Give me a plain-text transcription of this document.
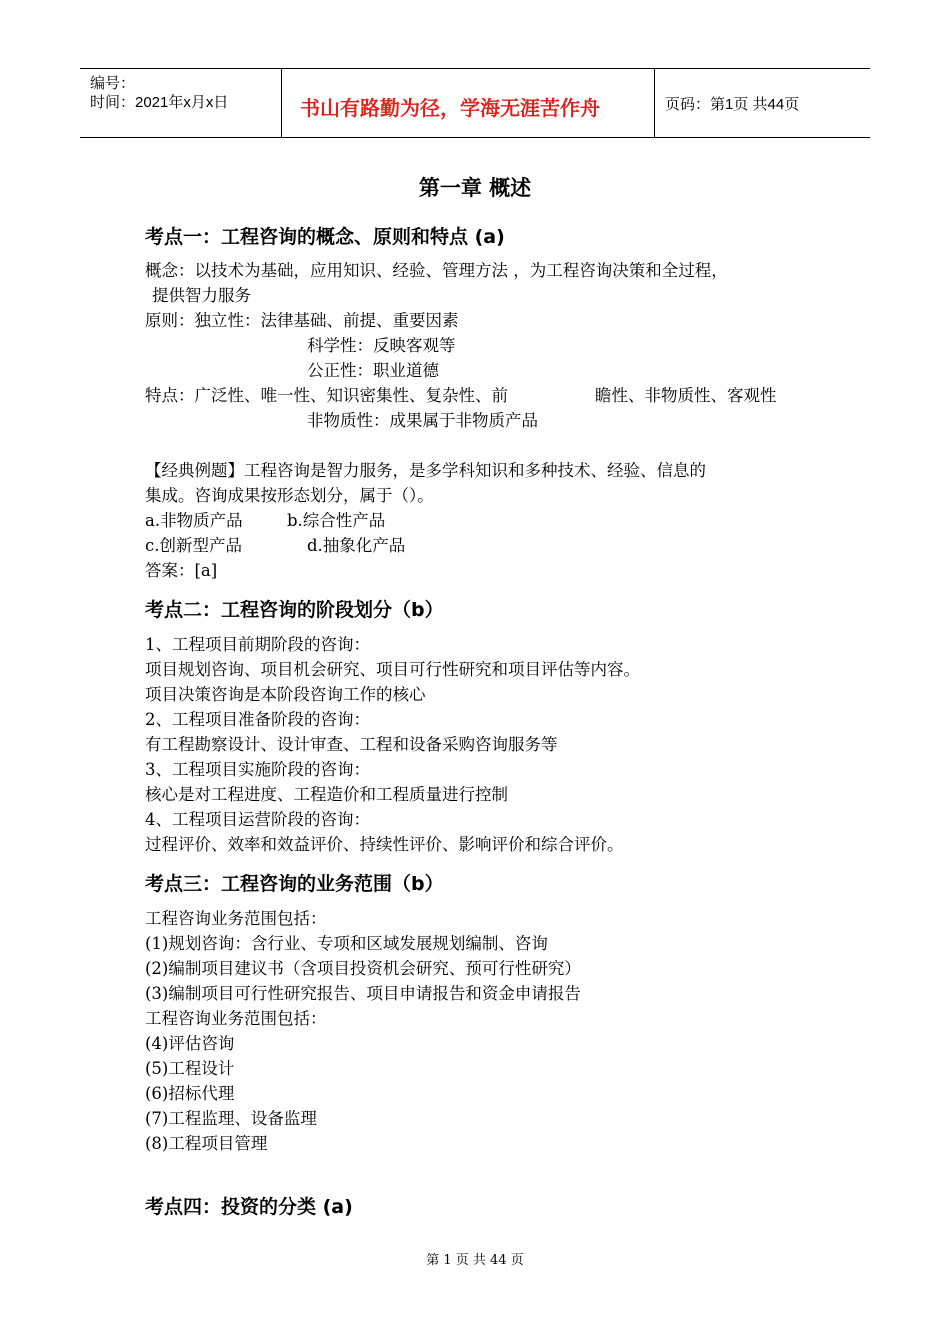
编号：
时间：2021年x月x日	书山有路勤为径，学海无涯苦作舟	页码：第1页 共44页
第一章 概述
考点一：工程咨询的概念、原则和特点 (a)
概念：以技术为基础，应用知识、经验、管理方法 ，为工程咨询决策和全过程，
提供智力服务
原则：独立性：法律基础、前提、重要因素
科学性：反映客观等
公正性：职业道德
特点：广泛性、唯一性、知识密集性、复杂性、前	瞻性、非物质性、客观性
非物质性：成果属于非物质产品
【经典例题】工程咨询是智力服务，是多学科知识和多种技术、经验、信息的
集成。咨询成果按形态划分，属于（）。
a.非物质产品	b.综合性产品
c.创新型产品	d.抽象化产品
答案：[a]
考点二：工程咨询的阶段划分（b）
1、工程项目前期阶段的咨询：
项目规划咨询、项目机会研究、项目可行性研究和项目评估等内容。
项目决策咨询是本阶段咨询工作的核心
2、工程项目准备阶段的咨询：
有工程勘察设计、设计审查、工程和设备采购咨询服务等
3、工程项目实施阶段的咨询：
核心是对工程进度、工程造价和工程质量进行控制
4、工程项目运营阶段的咨询：
过程评价、效率和效益评价、持续性评价、影响评价和综合评价。
考点三：工程咨询的业务范围（b）
工程咨询业务范围包括：
(1)规划咨询：含行业、专项和区域发展规划编制、咨询
(2)编制项目建议书（含项目投资机会研究、预可行性研究）
(3)编制项目可行性研究报告、项目申请报告和资金申请报告
工程咨询业务范围包括：
(4)评估咨询
(5)工程设计
(6)招标代理
(7)工程监理、设备监理
(8)工程项目管理
考点四：投资的分类 (a)
第 1 页 共 44 页
